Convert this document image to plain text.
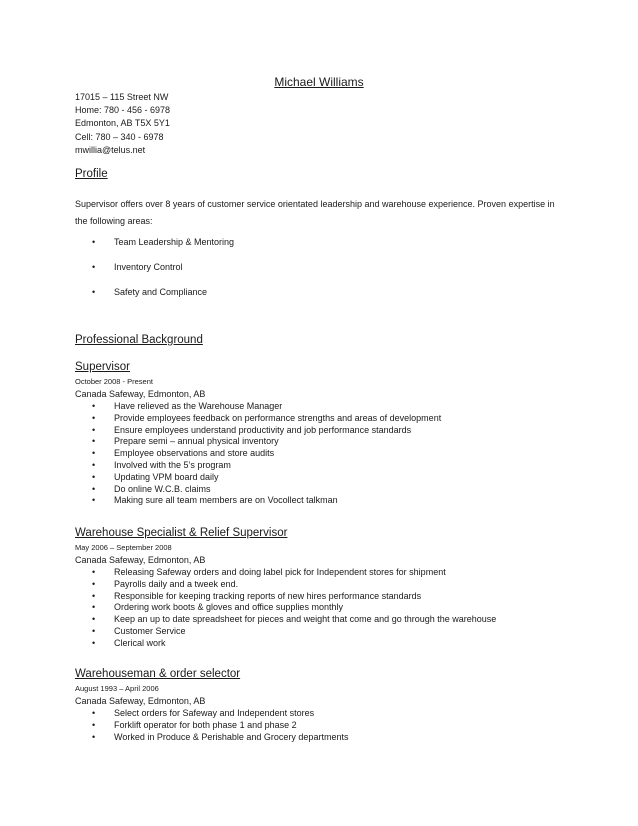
Michael Williams
17015 – 115 Street NW
Home: 780 - 456 - 6978
Edmonton, AB T5X 5Y1
Cell: 780 – 340 - 6978
mwillia@telus.net
Profile
Supervisor offers over 8 years of customer service orientated leadership and warehouse experience. Proven expertise in the following areas:
• Team Leadership & Mentoring
• Inventory Control
• Safety and Compliance
Professional Background
Supervisor
October 2008 - Present
Canada Safeway, Edmonton, AB
• Have relieved as the Warehouse Manager
• Provide employees feedback on performance strengths and areas of development
• Ensure employees understand productivity and job performance standards
• Prepare semi – annual physical inventory
• Employee observations and store audits
• Involved with the 5’s program
• Updating VPM board daily
• Do online W.C.B. claims
• Making sure all team members are on Vocollect talkman
Warehouse Specialist & Relief Supervisor
May 2006 – September 2008
Canada Safeway, Edmonton, AB
• Releasing Safeway orders and doing label pick for Independent stores for shipment
• Payrolls daily and a tweek end.
• Responsible for keeping tracking reports of new hires performance standards
• Ordering work boots & gloves and office supplies monthly
• Keep an up to date spreadsheet for pieces and weight that come and go through the warehouse
• Customer Service
• Clerical work
Warehouseman & order selector
August 1993 – April 2006
Canada Safeway, Edmonton, AB
• Select orders for Safeway and Independent stores
• Forklift operator for both phase 1 and phase 2
• Worked in Produce & Perishable and Grocery departments
